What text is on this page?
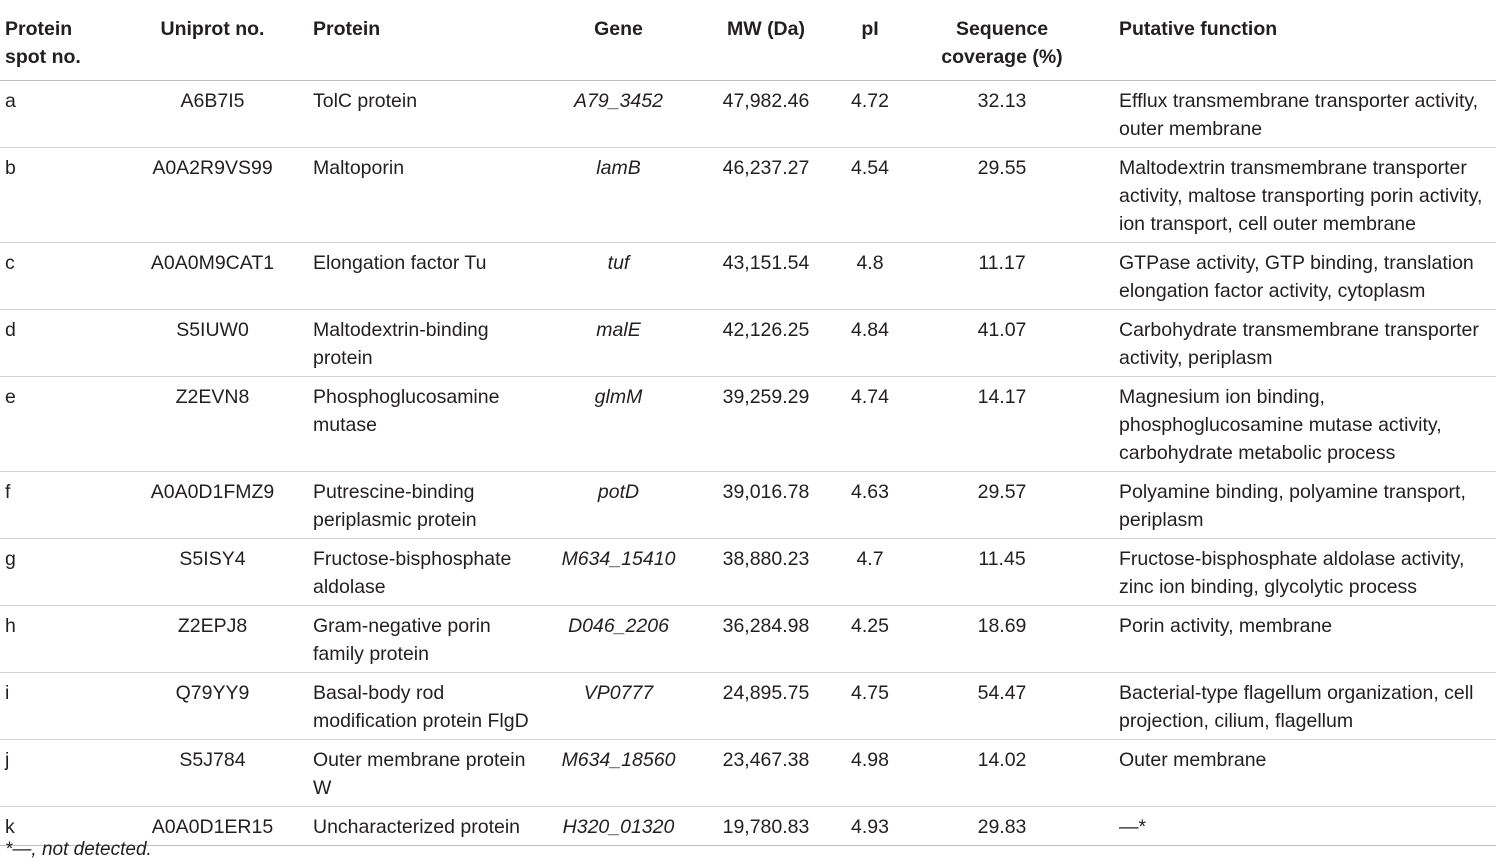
Protein spot no.	Uniprot no.	Protein	Gene	MW (Da)	pI	Sequence coverage (%)	Putative function
a	A6B7I5	TolC protein	A79_3452	47,982.46	4.72	32.13	Efflux transmembrane transporter activity, outer membrane
b	A0A2R9VS99	Maltoporin	lamB	46,237.27	4.54	29.55	Maltodextrin transmembrane transporter activity, maltose transporting porin activity, ion transport, cell outer membrane
c	A0A0M9CAT1	Elongation factor Tu	tuf	43,151.54	4.8	11.17	GTPase activity, GTP binding, translation elongation factor activity, cytoplasm
d	S5IUW0	Maltodextrin-binding protein	malE	42,126.25	4.84	41.07	Carbohydrate transmembrane transporter activity, periplasm
e	Z2EVN8	Phosphoglucosamine mutase	glmM	39,259.29	4.74	14.17	Magnesium ion binding, phosphoglucosamine mutase activity, carbohydrate metabolic process
f	A0A0D1FMZ9	Putrescine-binding periplasmic protein	potD	39,016.78	4.63	29.57	Polyamine binding, polyamine transport, periplasm
g	S5ISY4	Fructose-bisphosphate aldolase	M634_15410	38,880.23	4.7	11.45	Fructose-bisphosphate aldolase activity, zinc ion binding, glycolytic process
h	Z2EPJ8	Gram-negative porin family protein	D046_2206	36,284.98	4.25	18.69	Porin activity, membrane
i	Q79YY9	Basal-body rod modification protein FlgD	VP0777	24,895.75	4.75	54.47	Bacterial-type flagellum organization, cell projection, cilium, flagellum
j	S5J784	Outer membrane protein W	M634_18560	23,467.38	4.98	14.02	Outer membrane
k	A0A0D1ER15	Uncharacterized protein	H320_01320	19,780.83	4.93	29.83	—*
*—, not detected.
